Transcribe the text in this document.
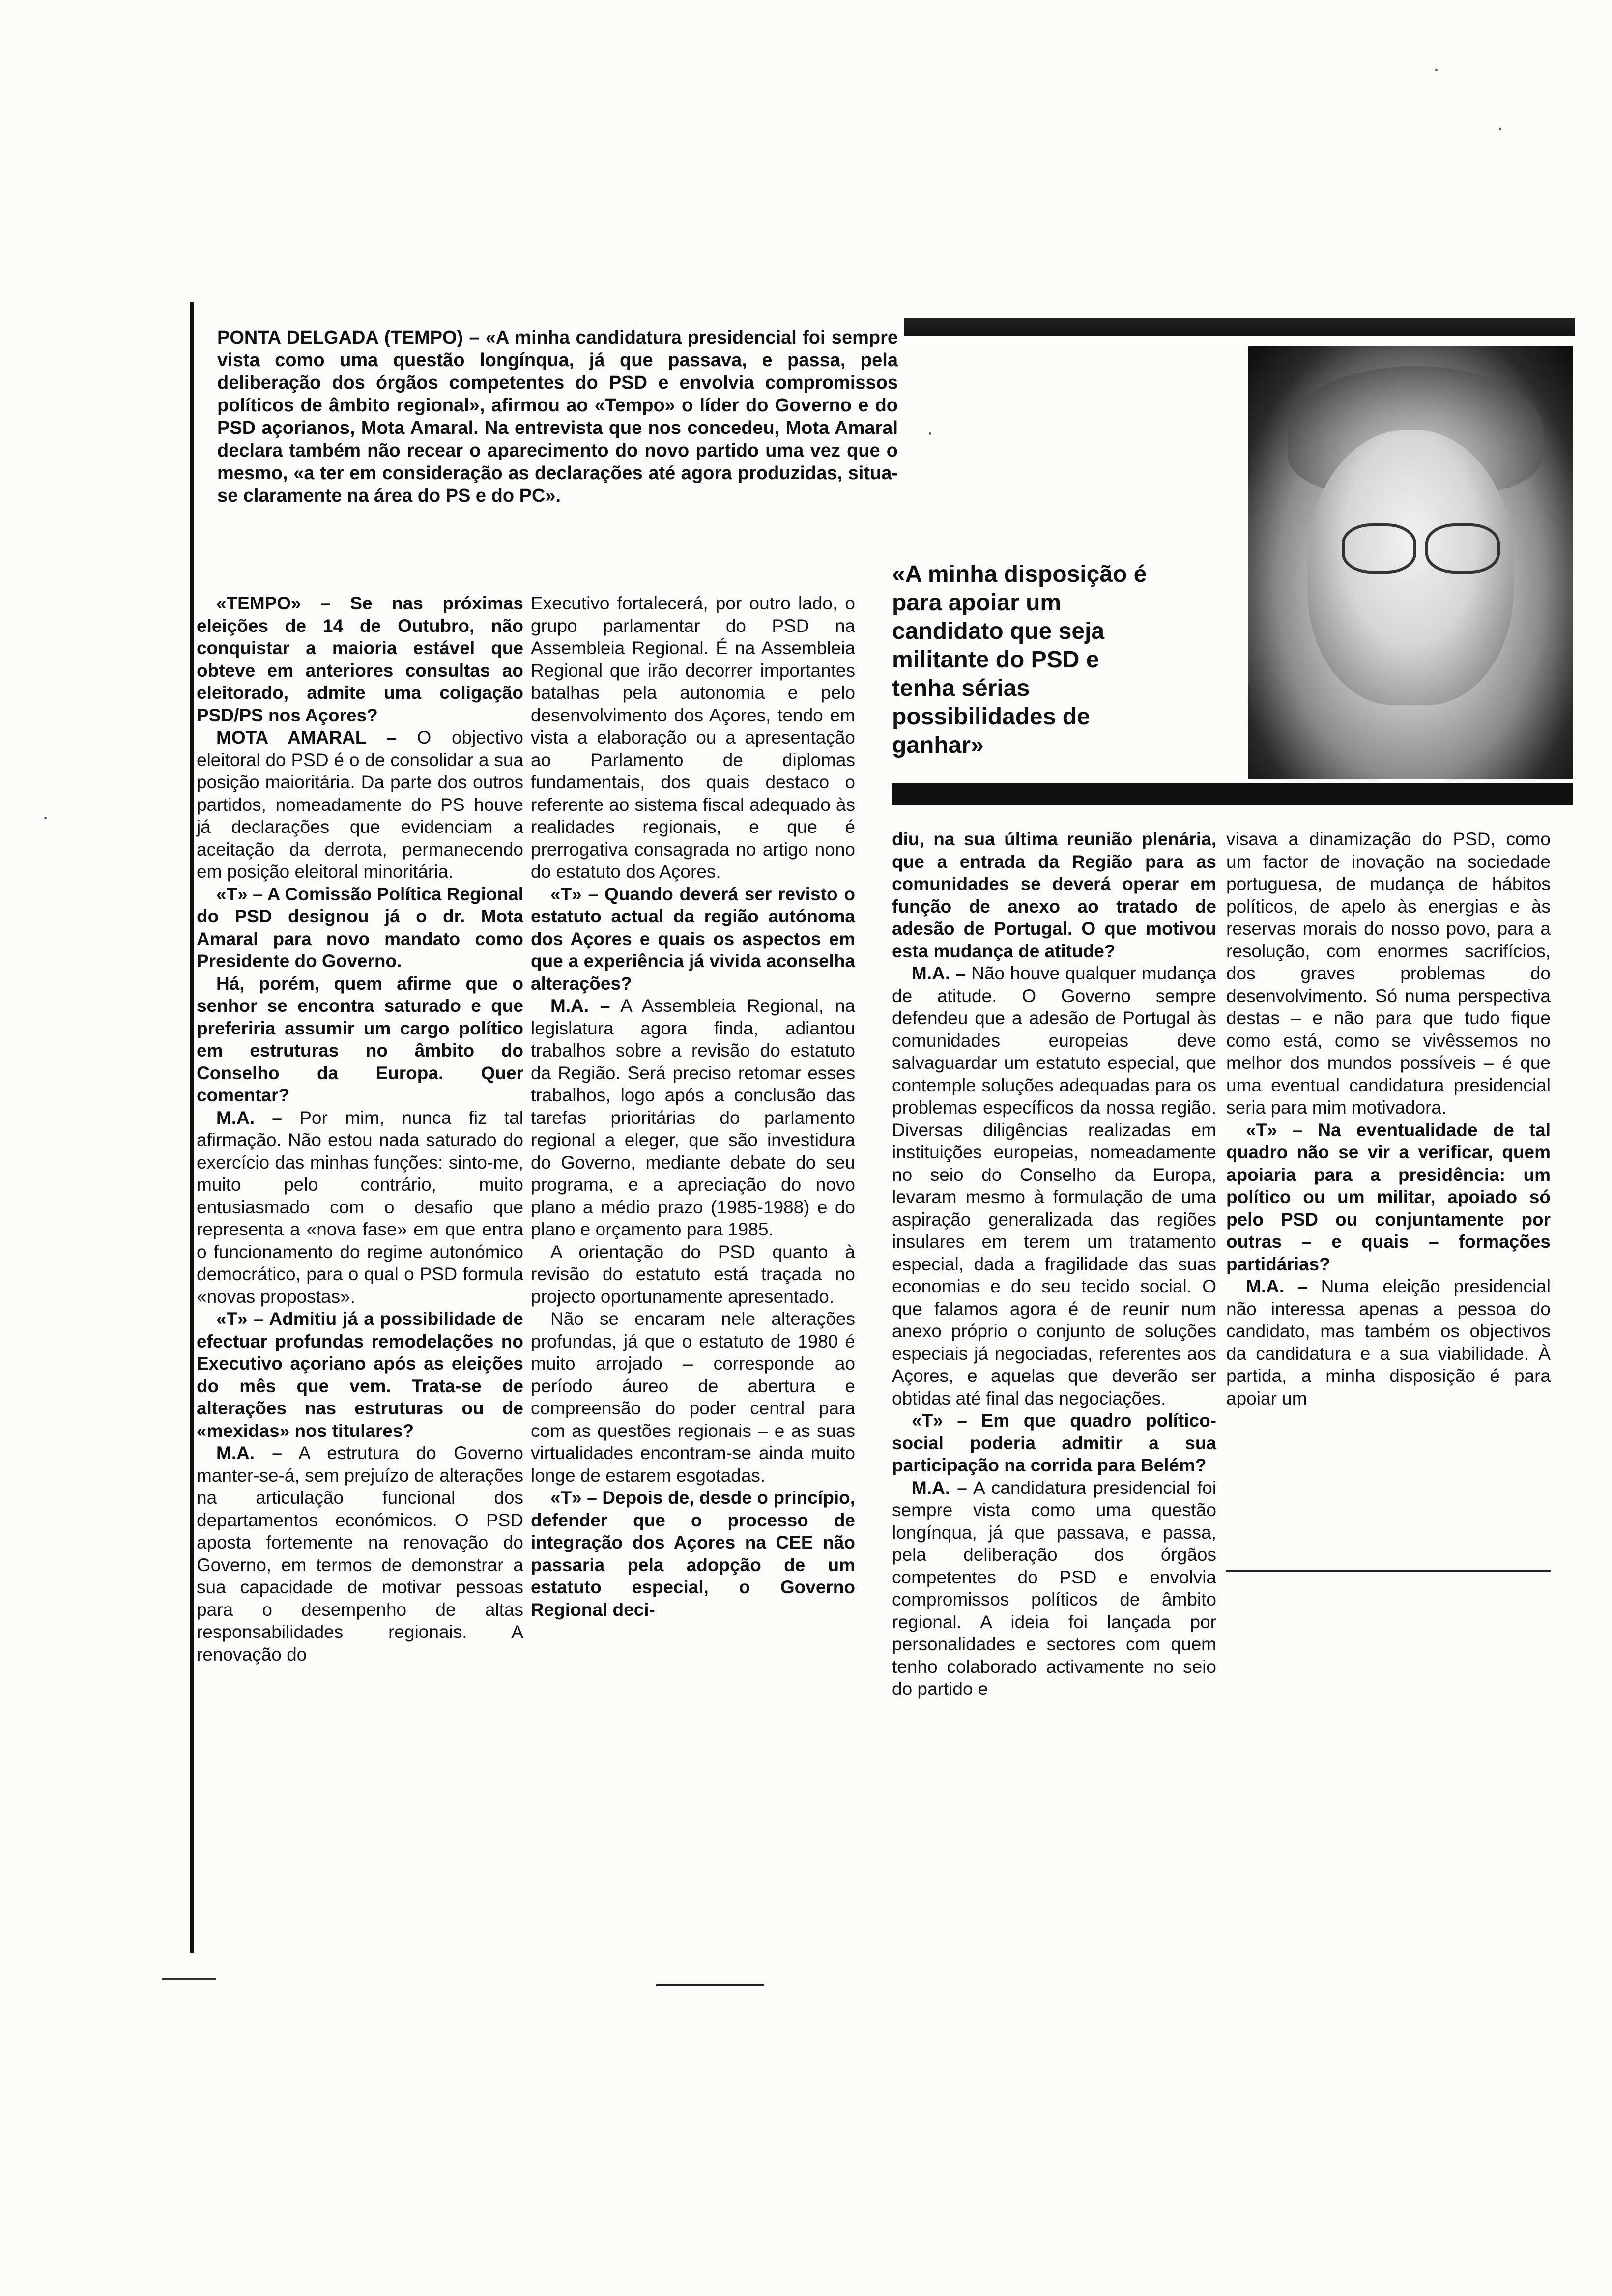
PONTA DELGADA (TEMPO) – «A minha candidatura presidencial foi sempre vista como uma questão longínqua, já que passava, e passa, pela deliberação dos órgãos competentes do PSD e envolvia compromissos políticos de âmbito regional», afirmou ao «Tempo» o líder do Governo e do PSD açorianos, Mota Amaral. Na entrevista que nos concedeu, Mota Amaral declara também não recear o aparecimento do novo partido uma vez que o mesmo, «a ter em consideração as declarações até agora produzidas, situa-se claramente na área do PS e do PC».
«A minha disposição é para apoiar um candidato que seja militante do PSD e tenha sérias possibilidades de ganhar»

«TEMPO» – Se nas próximas eleições de 14 de Outubro, não conquistar a maioria estável que obteve em anteriores consultas ao eleitorado, admite uma coligação PSD/PS nos Açores?

MOTA AMARAL – O objectivo eleitoral do PSD é o de consolidar a sua posição maioritária. Da parte dos outros partidos, nomeadamente do PS houve já declarações que evidenciam a aceitação da derrota, permanecendo em posição eleitoral minoritária.

«T» – A Comissão Política Regional do PSD designou já o dr. Mota Amaral para novo mandato como Presidente do Governo.

Há, porém, quem afirme que o senhor se encontra saturado e que preferiria assumir um cargo político em estruturas no âmbito do Conselho da Europa. Quer comentar?

M.A. – Por mim, nunca fiz tal afirmação. Não estou nada saturado do exercício das minhas funções: sinto-me, muito pelo contrário, muito entusiasmado com o desafio que representa a «nova fase» em que entra o funcionamento do regime autonómico democrático, para o qual o PSD formula «novas propostas».

«T» – Admitiu já a possibilidade de efectuar profundas remodelações no Executivo açoriano após as eleições do mês que vem. Trata-se de alterações nas estruturas ou de «mexidas» nos titulares?

M.A. – A estrutura do Governo manter-se-á, sem prejuízo de alterações na articulação funcional dos departamentos económicos. O PSD aposta fortemente na renovação do Governo, em termos de demonstrar a sua capacidade de motivar pessoas para o desempenho de altas responsabilidades regionais. A renovação do

Executivo fortalecerá, por outro lado, o grupo parlamentar do PSD na Assembleia Regional. É na Assembleia Regional que irão decorrer importantes batalhas pela autonomia e pelo desenvolvimento dos Açores, tendo em vista a elaboração ou a apresentação ao Parlamento de diplomas fundamentais, dos quais destaco o referente ao sistema fiscal adequado às realidades regionais, e que é prerrogativa consagrada no artigo nono do estatuto dos Açores.

«T» – Quando deverá ser revisto o estatuto actual da região autónoma dos Açores e quais os aspectos em que a experiência já vivida aconselha alterações?

M.A. – A Assembleia Regional, na legislatura agora finda, adiantou trabalhos sobre a revisão do estatuto da Região. Será preciso retomar esses trabalhos, logo após a conclusão das tarefas prioritárias do parlamento regional a eleger, que são investidura do Governo, mediante debate do seu programa, e a apreciação do novo plano a médio prazo (1985-1988) e do plano e orçamento para 1985.

A orientação do PSD quanto à revisão do estatuto está traçada no projecto oportunamente apresentado.

Não se encaram nele alterações profundas, já que o estatuto de 1980 é muito arrojado – corresponde ao período áureo de abertura e compreensão do poder central para com as questões regionais – e as suas virtualidades encontram-se ainda muito longe de estarem esgotadas.

«T» – Depois de, desde o princípio, defender que o processo de integração dos Açores na CEE não passaria pela adopção de um estatuto especial, o Governo Regional deci-

diu, na sua última reunião plenária, que a entrada da Região para as comunidades se deverá operar em função de anexo ao tratado de adesão de Portugal. O que motivou esta mudança de atitude?

M.A. – Não houve qualquer mudança de atitude. O Governo sempre defendeu que a adesão de Portugal às comunidades europeias deve salvaguardar um estatuto especial, que contemple soluções adequadas para os problemas específicos da nossa região. Diversas diligências realizadas em instituições europeias, nomeadamente no seio do Conselho da Europa, levaram mesmo à formulação de uma aspiração generalizada das regiões insulares em terem um tratamento especial, dada a fragilidade das suas economias e do seu tecido social. O que falamos agora é de reunir num anexo próprio o conjunto de soluções especiais já negociadas, referentes aos Açores, e aquelas que deverão ser obtidas até final das negociações.

«T» – Em que quadro político-social poderia admitir a sua participação na corrida para Belém?

M.A. – A candidatura presidencial foi sempre vista como uma questão longínqua, já que passava, e passa, pela deliberação dos órgãos competentes do PSD e envolvia compromissos políticos de âmbito regional. A ideia foi lançada por personalidades e sectores com quem tenho colaborado activamente no seio do partido e

visava a dinamização do PSD, como um factor de inovação na sociedade portuguesa, de mudança de hábitos políticos, de apelo às energias e às reservas morais do nosso povo, para a resolução, com enormes sacrifícios, dos graves problemas do desenvolvimento. Só numa perspectiva destas – e não para que tudo fique como está, como se vivêssemos no melhor dos mundos possíveis – é que uma eventual candidatura presidencial seria para mim motivadora.

«T» – Na eventualidade de tal quadro não se vir a verificar, quem apoiaria para a presidência: um político ou um militar, apoiado só pelo PSD ou conjuntamente por outras – e quais – formações partidárias?

M.A. – Numa eleição presidencial não interessa apenas a pessoa do candidato, mas também os objectivos da candidatura e a sua viabilidade. À partida, a minha disposição é para apoiar um
